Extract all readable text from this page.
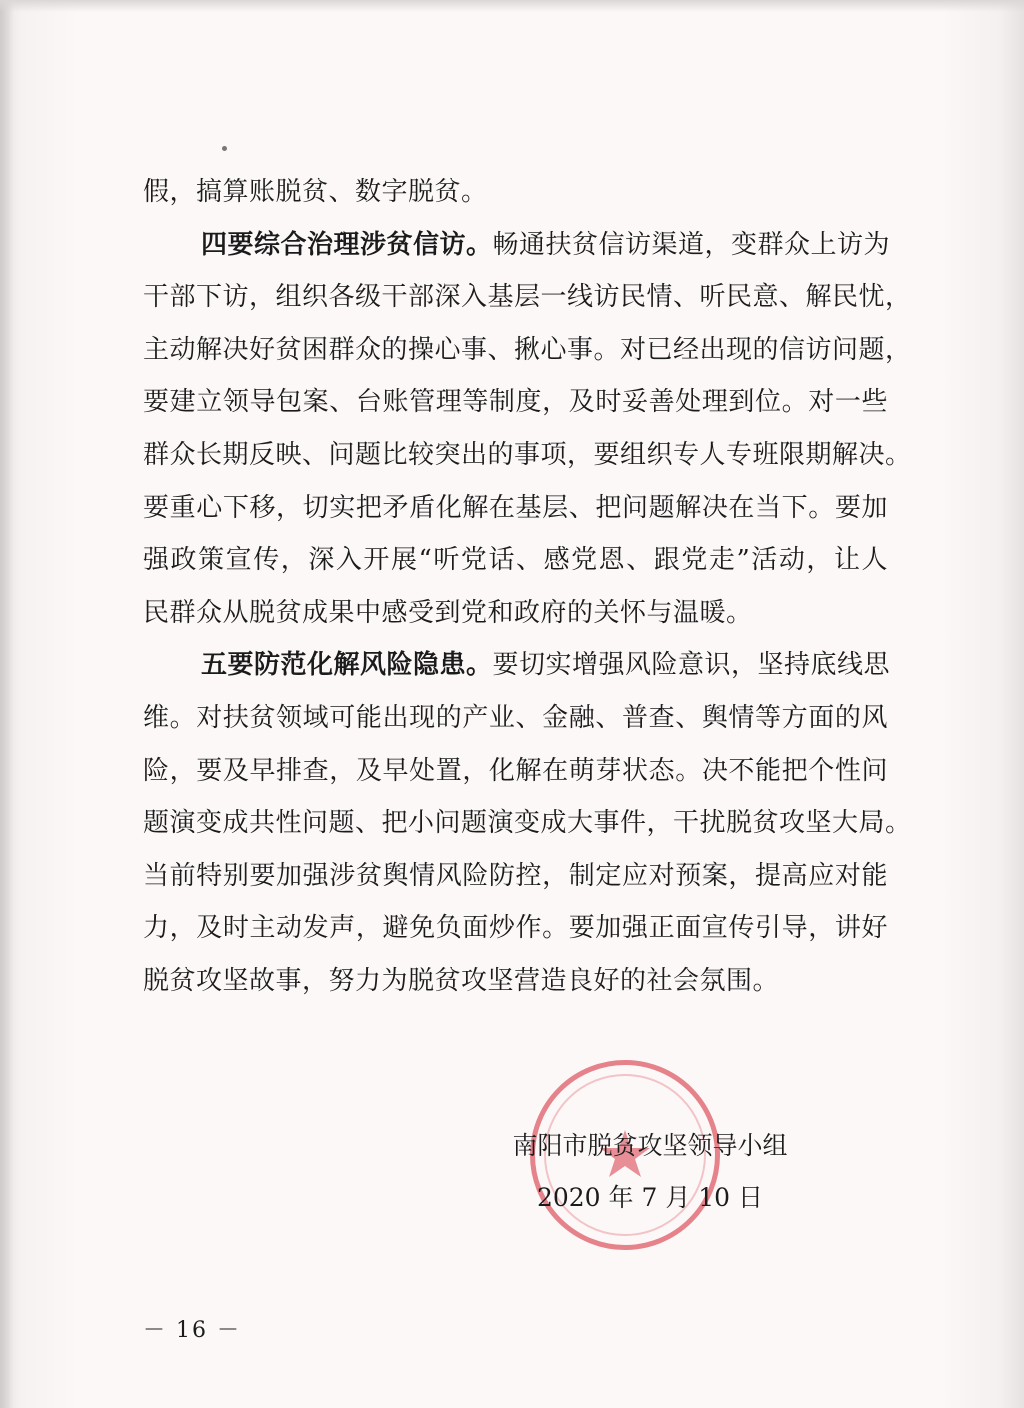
假，搞算账脱贫、数字脱贫。
四要综合治理涉贫信访。畅通扶贫信访渠道，变群众上访为
干部下访，组织各级干部深入基层一线访民情、听民意、解民忧，
主动解决好贫困群众的操心事、揪心事。对已经出现的信访问题，
要建立领导包案、台账管理等制度，及时妥善处理到位。对一些
群众长期反映、问题比较突出的事项，要组织专人专班限期解决。
要重心下移，切实把矛盾化解在基层、把问题解决在当下。要加
强政策宣传，深入开展“听党话、感党恩、跟党走”活动，让人
民群众从脱贫成果中感受到党和政府的关怀与温暖。
五要防范化解风险隐患。要切实增强风险意识，坚持底线思
维。对扶贫领域可能出现的产业、金融、普查、舆情等方面的风
险，要及早排查，及早处置，化解在萌芽状态。决不能把个性问
题演变成共性问题、把小问题演变成大事件，干扰脱贫攻坚大局。
当前特别要加强涉贫舆情风险防控，制定应对预案，提高应对能
力，及时主动发声，避免负面炒作。要加强正面宣传引导，讲好
脱贫攻坚故事，努力为脱贫攻坚营造良好的社会氛围。
南阳市脱贫攻坚领导小组
2020 年 7 月 10 日
－ 16 －
